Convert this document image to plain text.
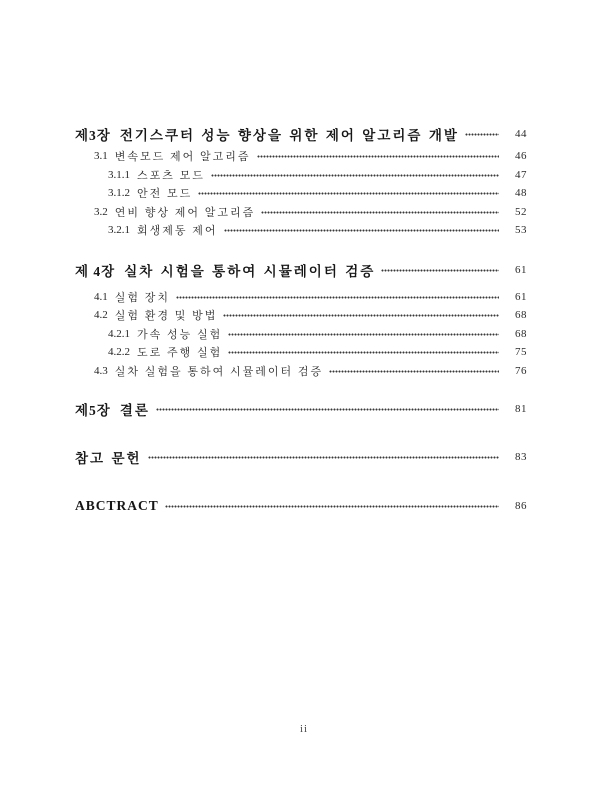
제3장 전기스쿠터 성능 향상을 위한 제어 알고리즘 개발	44
3.1 변속모드 제어 알고리즘	46
3.1.1 스포츠 모드	47
3.1.2 안전 모드	48
3.2 연비 향상 제어 알고리즘	52
3.2.1 회생제동 제어	53
제 4장 실차 시험을 통하여 시뮬레이터 검증	61
4.1 실험 장치	61
4.2 실험 환경 및 방법	68
4.2.1 가속 성능 실험	68
4.2.2 도로 주행 실험	75
4.3 실차 실험을 통하여 시뮬레이터 검증	76
제5장 결론	81
참고 문헌	83
ABCTRACT	86
ii
